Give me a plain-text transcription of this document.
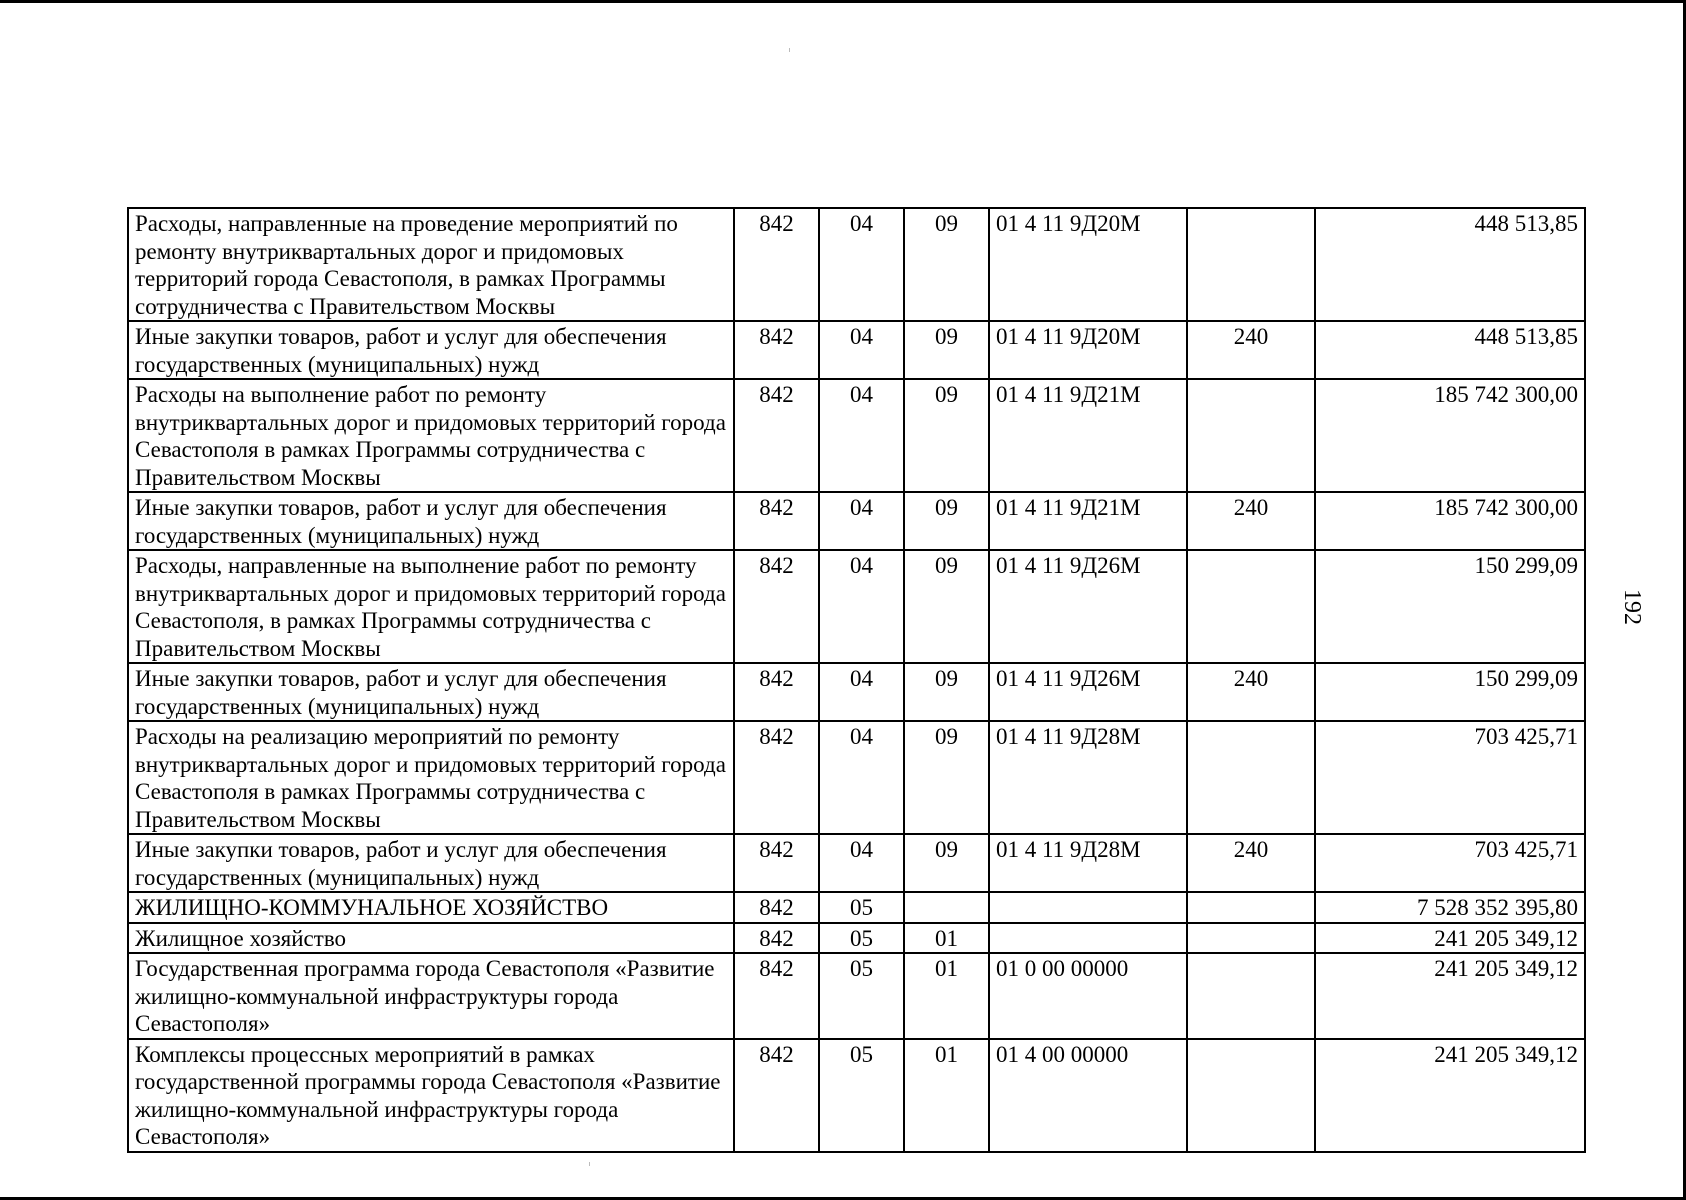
192
Расходы, направленные на проведение мероприятий по ремонту внутриквартальных дорог и придомовых территорий города Севастополя, в рамках Программы сотрудничества с Правительством Москвы	842	04	09	01 4 11 9Д20М		448 513,85
Иные закупки товаров, работ и услуг для обеспечения государственных (муниципальных) нужд	842	04	09	01 4 11 9Д20М	240	448 513,85
Расходы на выполнение работ по ремонту внутриквартальных дорог и придомовых территорий города Севастополя в рамках Программы сотрудничества с Правительством Москвы	842	04	09	01 4 11 9Д21М		185 742 300,00
Иные закупки товаров, работ и услуг для обеспечения государственных (муниципальных) нужд	842	04	09	01 4 11 9Д21М	240	185 742 300,00
Расходы, направленные на выполнение работ по ремонту внутриквартальных дорог и придомовых территорий города Севастополя, в рамках Программы сотрудничества с Правительством Москвы	842	04	09	01 4 11 9Д26М		150 299,09
Иные закупки товаров, работ и услуг для обеспечения государственных (муниципальных) нужд	842	04	09	01 4 11 9Д26М	240	150 299,09
Расходы на реализацию мероприятий по ремонту внутриквартальных дорог и придомовых территорий города Севастополя в рамках Программы сотрудничества с Правительством Москвы	842	04	09	01 4 11 9Д28М		703 425,71
Иные закупки товаров, работ и услуг для обеспечения государственных (муниципальных) нужд	842	04	09	01 4 11 9Д28М	240	703 425,71
ЖИЛИЩНО-КОММУНАЛЬНОЕ ХОЗЯЙСТВО	842	05				7 528 352 395,80
Жилищное хозяйство	842	05	01			241 205 349,12
Государственная программа города Севастополя «Развитие жилищно-коммунальной инфраструктуры города Севастополя»	842	05	01	01 0 00 00000		241 205 349,12
Комплексы процессных мероприятий в рамках государственной программы города Севастополя «Развитие жилищно-коммунальной инфраструктуры города Севастополя»	842	05	01	01 4 00 00000		241 205 349,12
